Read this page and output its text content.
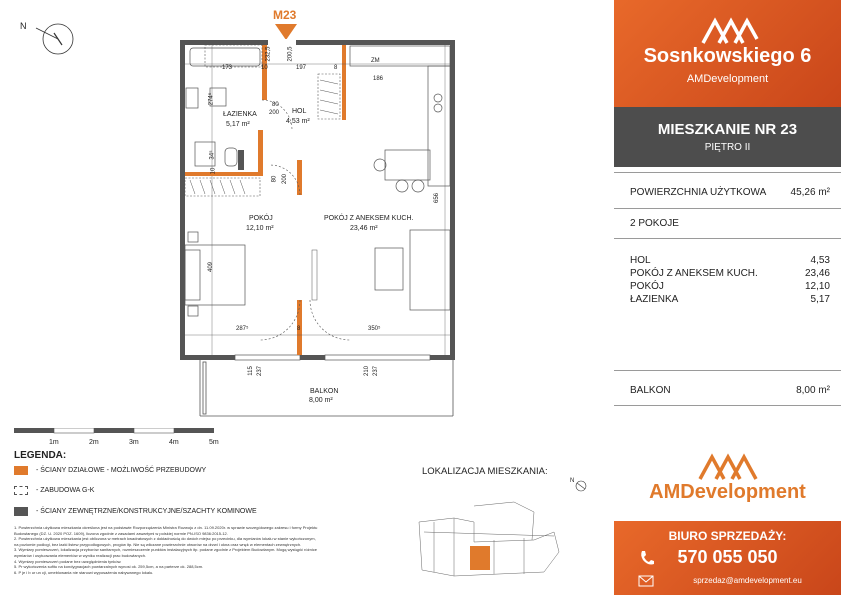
N
M23
173	10	197	8
186
ZM
274⁵
34⁵
10
409
656
287⁵	8	350⁵
200,5
232,5
80
200
80 200
115 237	210 237
ŁAZIENKA
5,17 m²
HOL
4,53 m²
POKÓJ
12,10 m²
POKÓJ Z ANEKSEM KUCH.
23,46 m²
BALKON
8,00 m²
1m	2m	3m	4m	5m
LEGENDA:
- ŚCIANY DZIAŁOWE - MOŻLIWOŚĆ PRZEBUDOWY
- ZABUDOWA G-K
- ŚCIANY ZEWNĘTRZNE/KONSTRUKCYJNE/SZACHTY KOMINOWE
1. Powierzchnia użytkowa mieszkania określona jest na podstawie Rozporządzenia Ministra Rozwoju z dn. 11.09.2020r. w sprawie szczegółowego zakresu i formy Projektu
Budowlanego (DZ. U. 2020 POZ. 1609), liczona zgodnie z zasadami zawartymi w polskiej normie PN-ISO 9836:2015-12.
2. Powierzchnia użytkowa mieszkania jest obliczona w metrach kwadratowych z dokładnością do dwóch miejsc po przecinku, dla wymiarów lokalu w stanie wykończonym,
na poziomie podłogi, bez łazki listew przypodłogowych, progów itp. Nie są wliczane powierzchnie otworów na drzwi i okna oraz wnęk w elementach zewnętrznych.
3. Wymiary pomieszczeń, lokalizacja przyborów sanitarnych, rozmieszczenie punktów instalacyjnych itp. podane zgodnie z Projektem Budowlanym. Mogą wystąpić różnice
wymiarów i usytuowania elementów w wyniku realizacji prac budowlanych.
4. Wymiary pomieszczeń podane bez uwzględnienia tynków.
5. Pr wykończenia sufitu na kondygnacjach powtarzalnych wynosi ok. 259,5cm, a na parterze ok. 288,5cm.
6. P je i b ur un cji, umeblowania nie stanowi wyposażenia nabywanego lokalu.
LOKALIZACJA MIESZKANIA:
N
Sosnkowskiego 6
AMDevelopment
MIESZKANIE NR 23
PIĘTRO II
POWIERZCHNIA UŻYTKOWA 45,26 m²
2 POKOJE
HOL	4,53
POKÓJ Z ANEKSEM KUCH.	23,46
POKÓJ	12,10
ŁAZIENKA	5,17
BALKON	8,00 m²
AMDevelopment
BIURO SPRZEDAŻY:
570 055 050
sprzedaz@amdevelopment.eu
